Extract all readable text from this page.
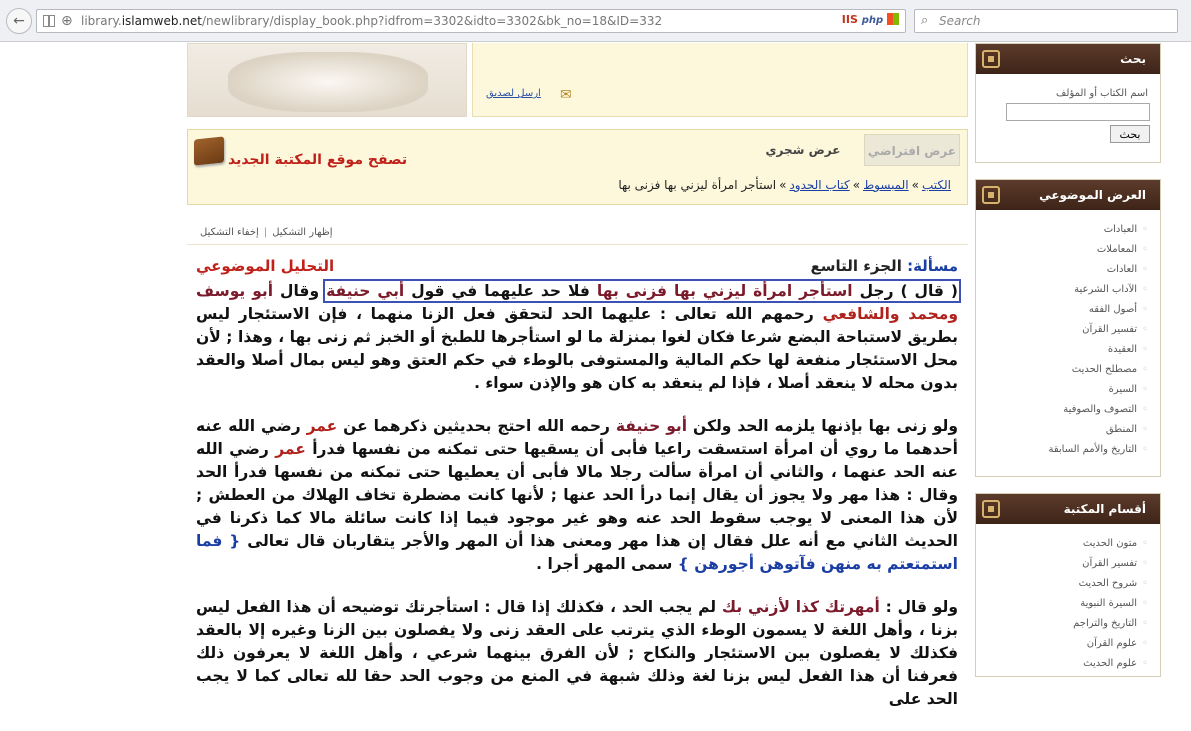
←	⊕ library.islamweb.net/newlibrary/display_book.php?idfrom=3302&idto=3302&bk_no=18&ID=332	IIS php	⌕ Search
ارسل لصديق ✉
عرض افتراضي
عرض شجري
تصفح موقع المكتبة الجديد
الكتب»المبسوط»كتاب الحدود»استأجر امرأة ليزني بها فزنى بها
إظهار التشكيل|إخفاء التشكيل
مسألة: الجزء التاسع
التحليل الموضوعي

( قال ) رجل استأجر امرأة ليزني بها فزنى بها فلا حد عليهما في قول أبي حنيفة وقال أبو يوسف ومحمد والشافعي رحمهم الله تعالى : عليهما الحد لتحقق فعل الزنا منهما ، فإن الاستئجار ليس بطريق لاستباحة البضع شرعا فكان لغوا بمنزلة ما لو استأجرها للطبخ أو الخبز ثم زنى بها ، وهذا ; لأن محل الاستئجار منفعة لها حكم المالية والمستوفى بالوطء في حكم العتق وهو ليس بمال أصلا والعقد بدون محله لا ينعقد أصلا ، فإذا لم ينعقد به كان هو والإذن سواء .

ولو زنى بها بإذنها يلزمه الحد ولكن أبو حنيفة رحمه الله احتج بحديثين ذكرهما عن عمر رضي الله عنه أحدهما ما روي أن امرأة استسقت راعيا فأبى أن يسقيها حتى تمكنه من نفسها فدرأ عمر رضي الله عنه الحد عنهما ، والثاني أن امرأة سألت رجلا مالا فأبى أن يعطيها حتى تمكنه من نفسها فدرأ الحد وقال : هذا مهر ولا يجوز أن يقال إنما درأ الحد عنها ; لأنها كانت مضطرة تخاف الهلاك من العطش ; لأن هذا المعنى لا يوجب سقوط الحد عنه وهو غير موجود فيما إذا كانت سائلة مالا كما ذكرنا في الحديث الثاني مع أنه علل فقال إن هذا مهر ومعنى هذا أن المهر والأجر يتقاربان قال تعالى { فما استمتعتم به منهن فآتوهن أجورهن } سمى المهر أجرا .

ولو قال : أمهرتك كذا لأزني بك لم يجب الحد ، فكذلك إذا قال : استأجرتك توضيحه أن هذا الفعل ليس بزنا ، وأهل اللغة لا يسمون الوطء الذي يترتب على العقد زنى ولا يفصلون بين الزنا وغيره إلا بالعقد فكذلك لا يفصلون بين الاستئجار والنكاح ; لأن الفرق بينهما شرعي ، وأهل اللغة لا يعرفون ذلك فعرفنا أن هذا الفعل ليس بزنا لغة وذلك شبهة في المنع من وجوب الحد حقا لله تعالى كما لا يجب الحد على

بحث
اسم الكتاب أو المؤلف
بحث
العرض الموضوعي
◦ العبادات
◦ المعاملات
◦ العادات
◦ الآداب الشرعية
◦ أصول الفقه
◦ تفسير القرآن
◦ العقيدة
◦ مصطلح الحديث
◦ السيرة
◦ التصوف والصوفية
◦ المنطق
◦ التاريخ والأمم السابقة
أقسام المكتبة
◦ متون الحديث
◦ تفسير القرآن
◦ شروح الحديث
◦ السيرة النبوية
◦ التاريخ والتراجم
◦ علوم القرآن
◦ علوم الحديث
